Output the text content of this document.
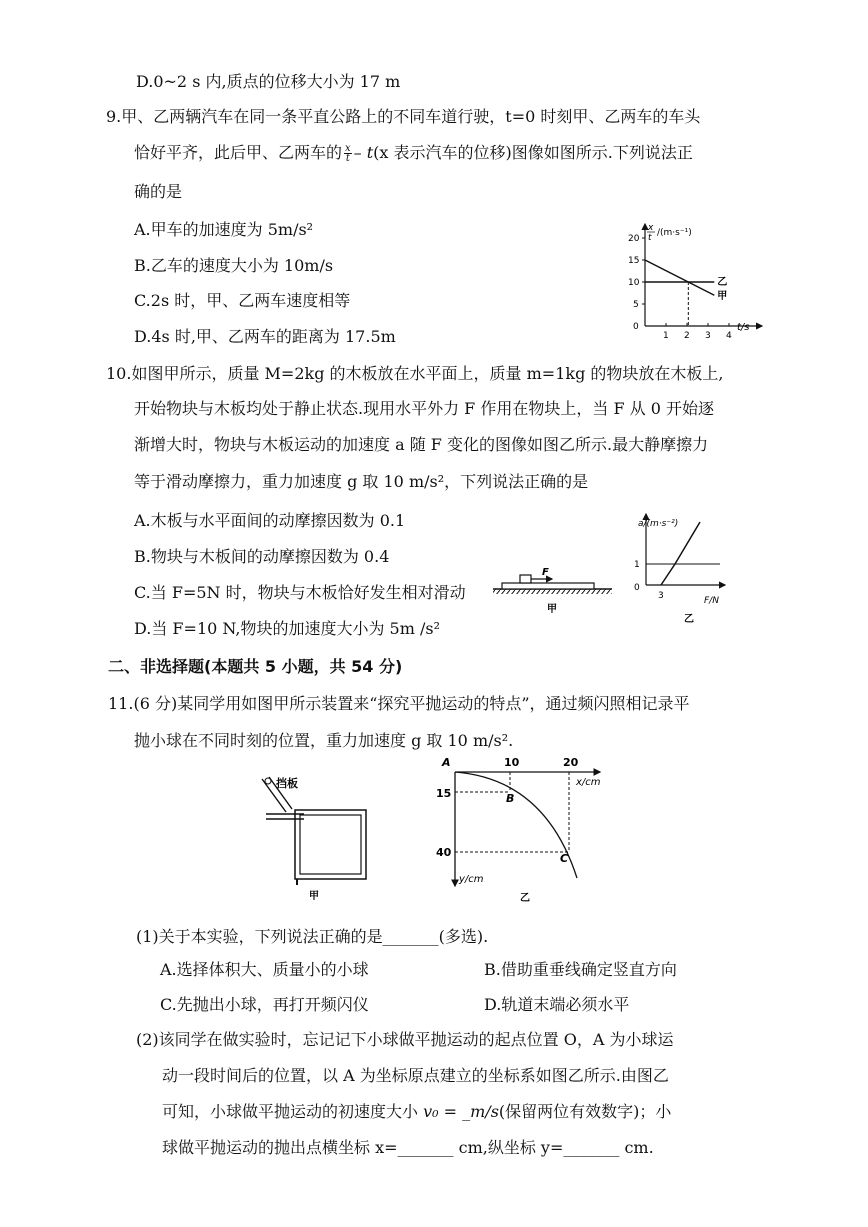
D.0~2 s 内,质点的位移大小为 17 m
9.甲、乙两辆汽车在同一条平直公路上的不同车道行驶，t=0 时刻甲、乙两车的车头
恰好平齐，此后甲、乙两车的 $\frac{x}{t} - t(x$ 表示汽车的位移)图像如图所示.下列说法正
确的是
A.甲车的加速度为 5m/s²
B.乙车的速度大小为 10m/s
C.2s 时，甲、乙两车速度相等
D.4s 时,甲、乙两车的距离为 17.5m
x
t /(m·s⁻¹)
t/s
20
15
10
5
0
1 2 3 4
乙
甲
10.如图甲所示，质量 M=2kg 的木板放在水平面上，质量 m=1kg 的物块放在木板上,
开始物块与木板均处于静止状态.现用水平外力 F 作用在物块上，当 F 从 0 开始逐
渐增大时，物块与木板运动的加速度 a 随 F 变化的图像如图乙所示.最大静摩擦力
等于滑动摩擦力，重力加速度 g 取 10 m/s²，下列说法正确的是
A.木板与水平面间的动摩擦因数为 0.1
B.物块与木板间的动摩擦因数为 0.4
C.当 F=5N 时，物块与木板恰好发生相对滑动
D.当 F=10 N,物块的加速度大小为 5m /s²
F
甲
a/(m·s⁻²)
F/N
1
0
3
乙
二、非选择题(本题共 5 小题，共 54 分)
11.(6 分)某同学用如图甲所示装置来“探究平抛运动的特点”，通过频闪照相记录平
抛小球在不同时刻的位置，重力加速度 g 取 10 m/s².
挡板
甲
A
B
C
10	20
15
40
x/cm
y/cm
乙
(1)关于本实验，下列说法正确的是_______(多选).
A.选择体积大、质量小的小球	B.借助重垂线确定竖直方向
C.先抛出小球，再打开频闪仪	D.轨道末端必须水平
(2)该同学在做实验时，忘记记下小球做平抛运动的起点位置 O，A 为小球运
动一段时间后的位置，以 A 为坐标原点建立的坐标系如图乙所示.由图乙
可知，小球做平抛运动的初速度大小 v₀ = _m/s(保留两位有效数字)；小
球做平抛运动的抛出点横坐标 x=_______ cm,纵坐标 y=_______ cm.
